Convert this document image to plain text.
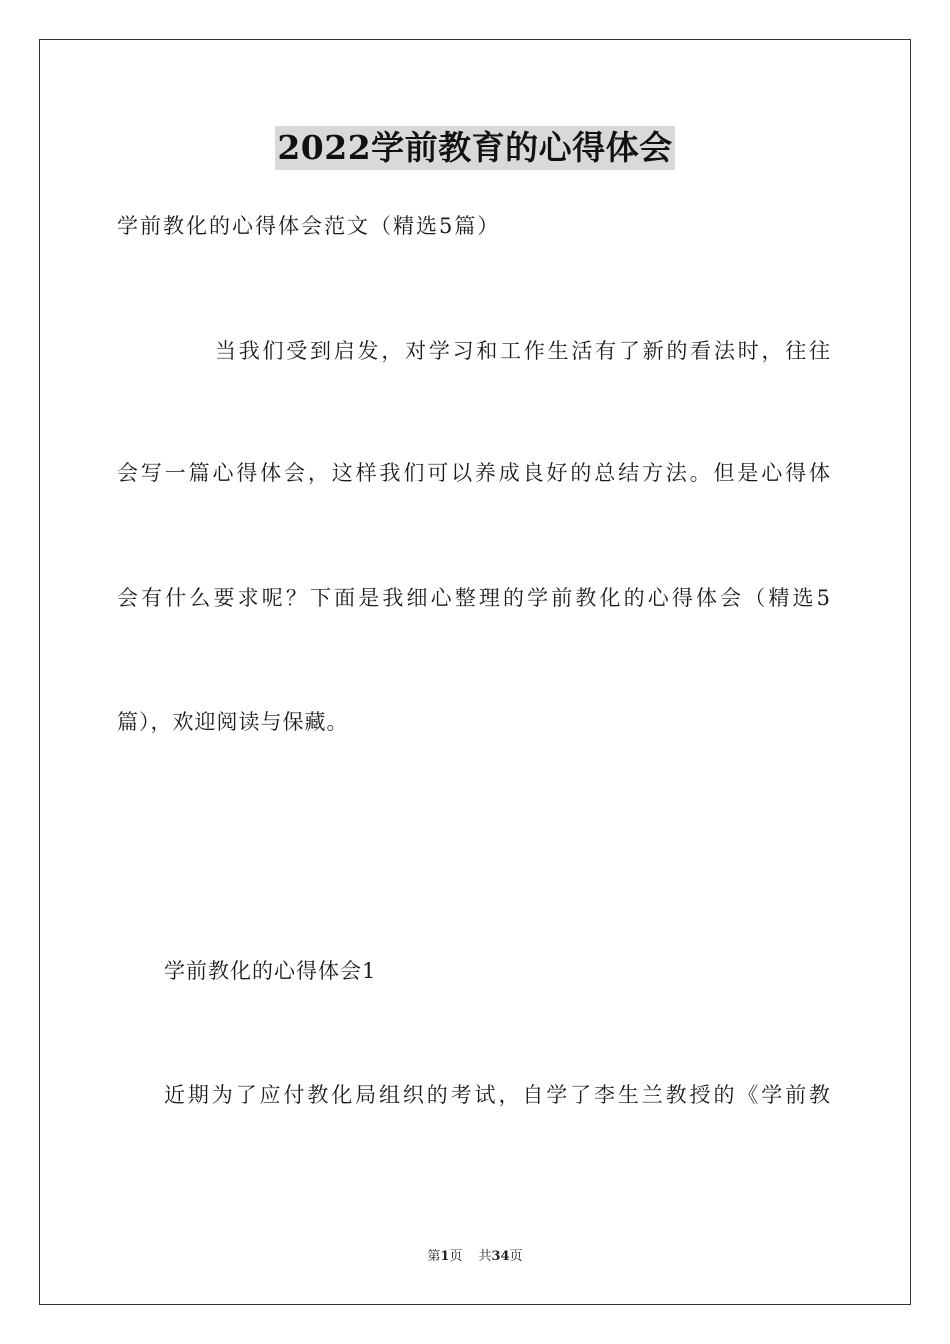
2022学前教育的心得体会
学前教化的心得体会范文（精选5篇）
当我们受到启发，对学习和工作生活有了新的看法时，往往
会写一篇心得体会，这样我们可以养成良好的总结方法。但是心得体
会有什么要求呢？下面是我细心整理的学前教化的心得体会（精选5
篇），欢迎阅读与保藏。
学前教化的心得体会1
近期为了应付教化局组织的考试，自学了李生兰教授的《学前教
第1页 共34页
